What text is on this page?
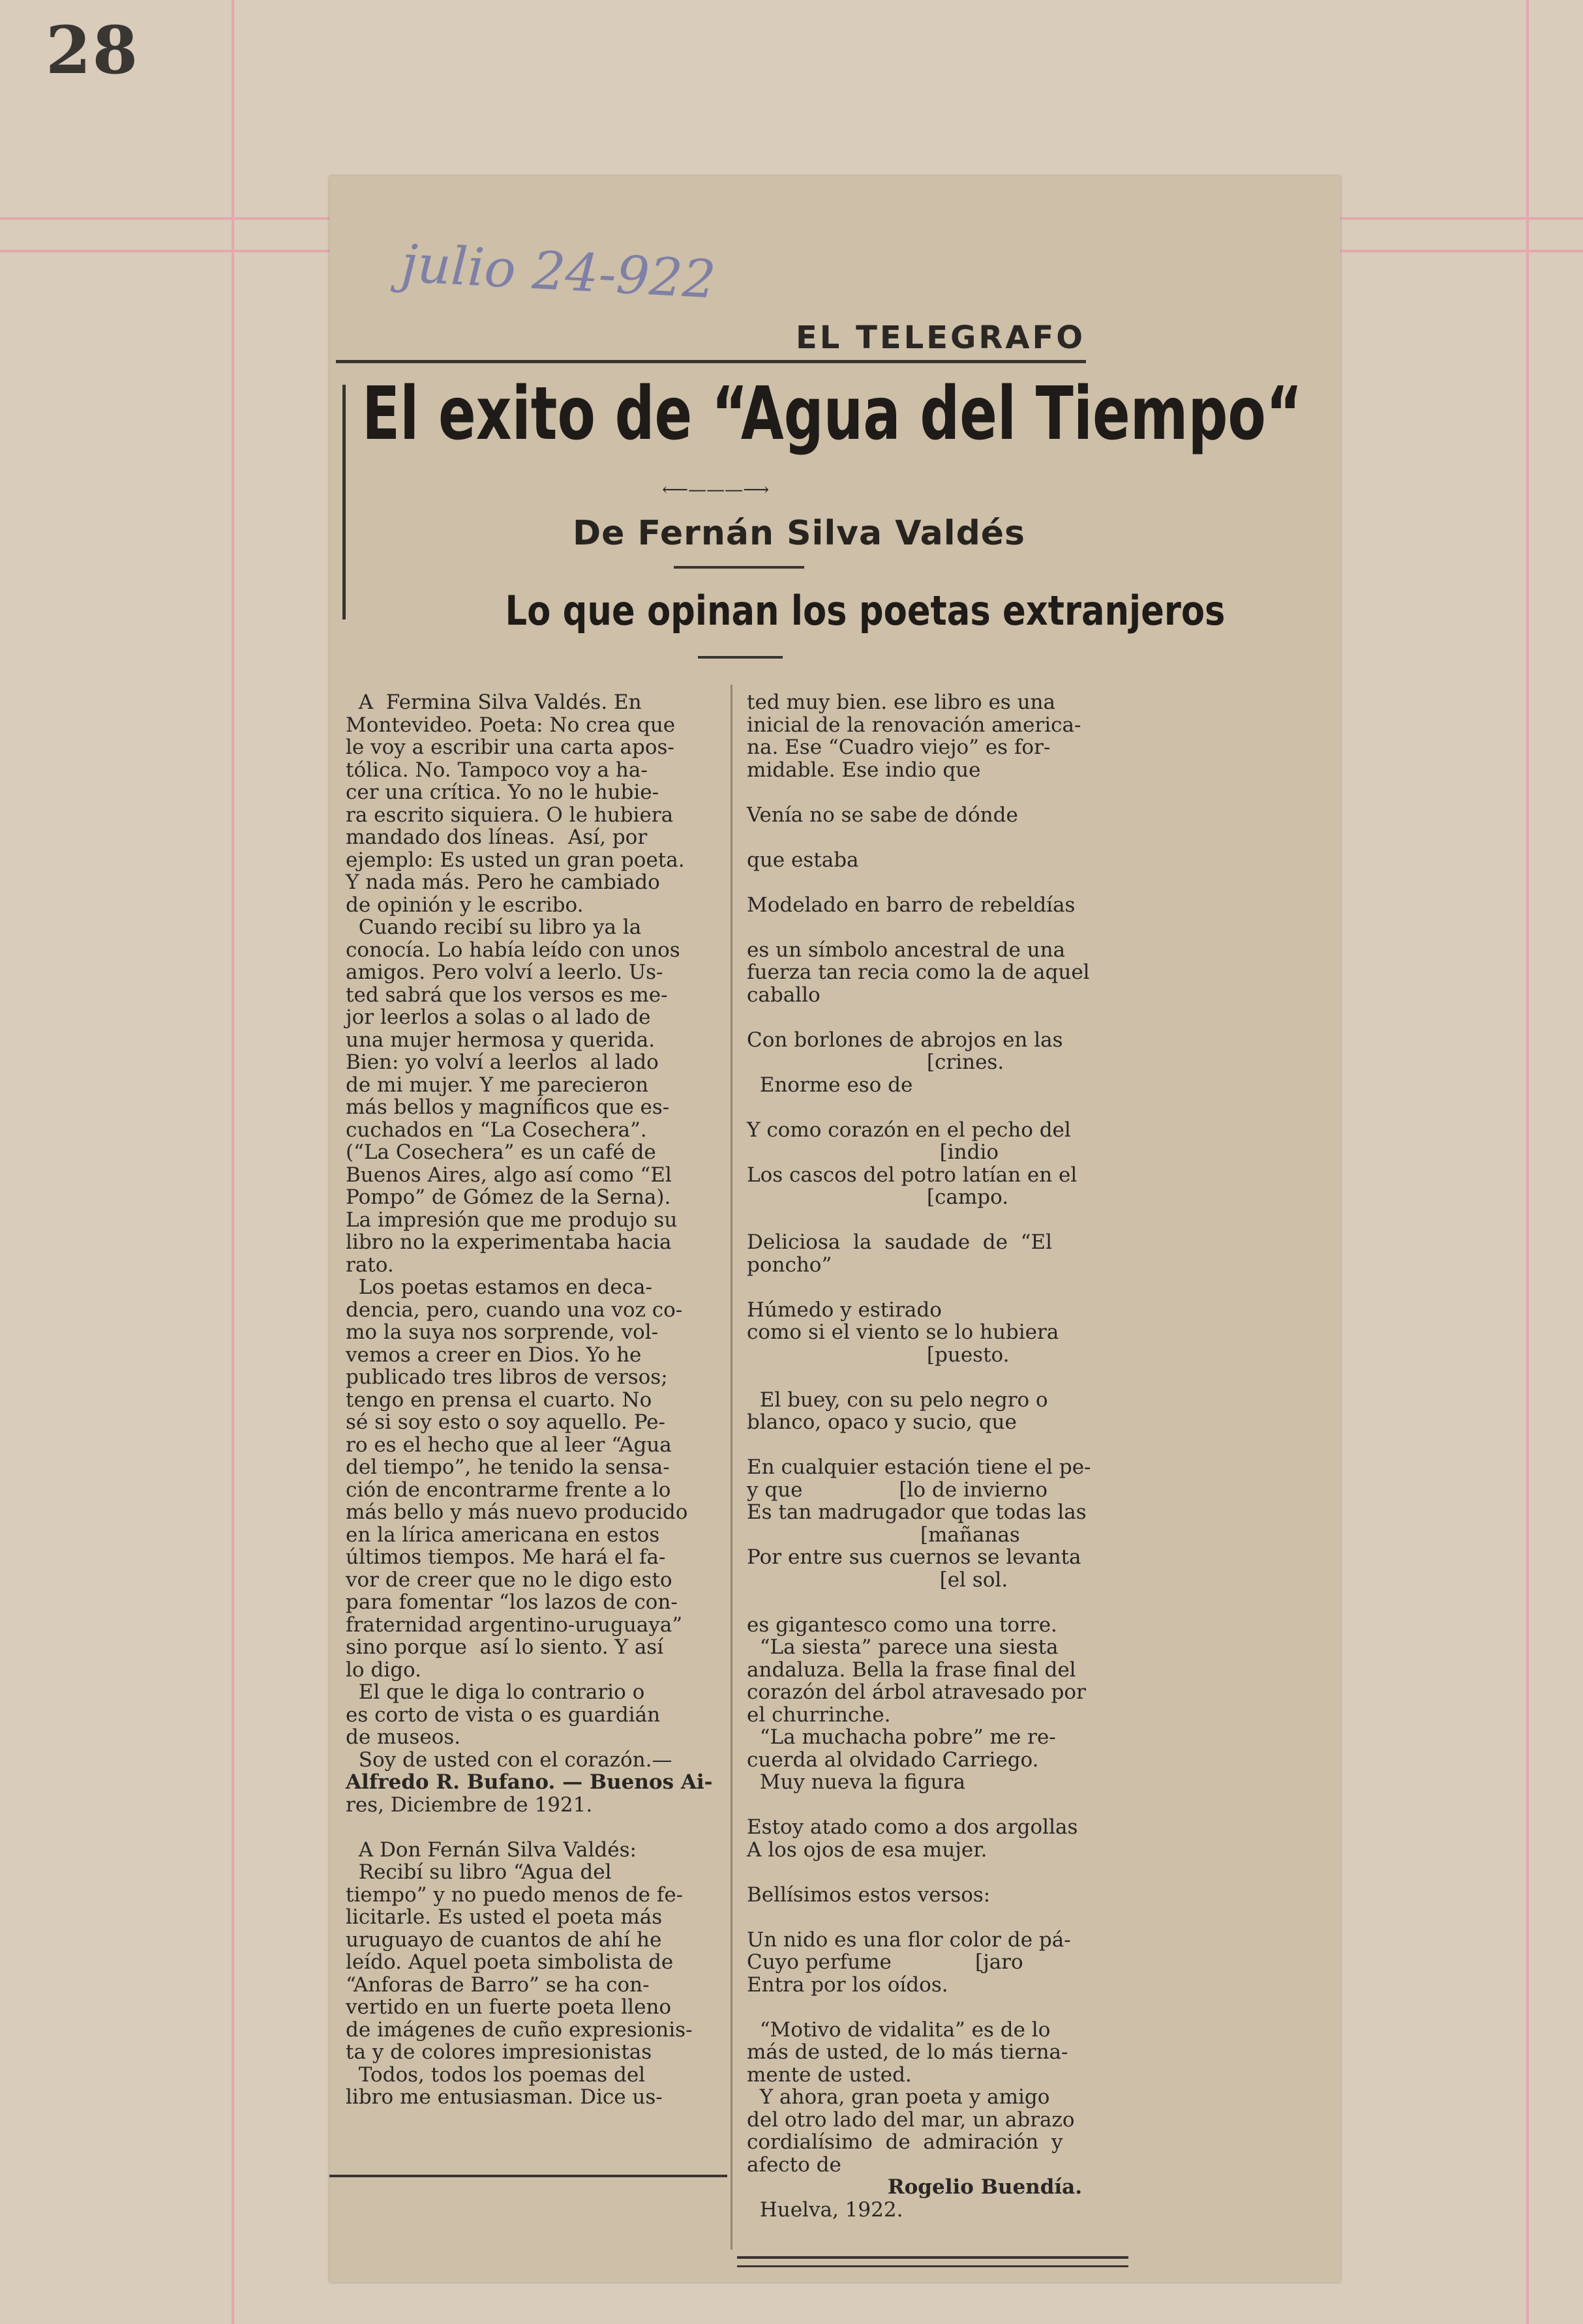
28
julio 24-922
EL TELEGRAFO
El exito de “Agua del Tiempo“
⟵———⟶
De Fernán Silva Valdés
Lo que opinan los poetas extranjeros

A  Fermina Silva Valdés. En

Montevideo. Poeta: No crea que

le voy a escribir una carta apos-

tólica. No. Tampoco voy a ha-

cer una crítica. Yo no le hubie-

ra escrito siquiera. O le hubiera

mandado dos líneas.  Así, por

ejemplo: Es usted un gran poeta.

Y nada más. Pero he cambiado

de opinión y le escribo.

Cuando recibí su libro ya la

conocía. Lo había leído con unos

amigos. Pero volví a leerlo. Us-

ted sabrá que los versos es me-

jor leerlos a solas o al lado de

una mujer hermosa y querida.

Bien: yo volví a leerlos  al lado

de mi mujer. Y me parecieron

más bellos y magníficos que es-

cuchados en “La Cosechera”.

(“La Cosechera” es un café de

Buenos Aires, algo así como “El

Pompo” de Gómez de la Serna).

La impresión que me produjo su

libro no la experimentaba hacia

rato.

Los poetas estamos en deca-

dencia, pero, cuando una voz co-

mo la suya nos sorprende, vol-

vemos a creer en Dios. Yo he

publicado tres libros de versos;

tengo en prensa el cuarto. No

sé si soy esto o soy aquello. Pe-

ro es el hecho que al leer “Agua

del tiempo”, he tenido la sensa-

ción de encontrarme frente a lo

más bello y más nuevo producido

en la lírica americana en estos

últimos tiempos. Me hará el fa-

vor de creer que no le digo esto

para fomentar “los lazos de con-

fraternidad argentino-uruguaya”

sino porque  así lo siento. Y así

lo digo.

El que le diga lo contrario o

es corto de vista o es guardián

de museos.

Soy de usted con el corazón.—

Alfredo R. Bufano. — Buenos Ai-

res, Diciembre de 1921.

A Don Fernán Silva Valdés:

Recibí su libro “Agua del

tiempo” y no puedo menos de fe-

licitarle. Es usted el poeta más

uruguayo de cuantos de ahí he

leído. Aquel poeta simbolista de

“Anforas de Barro” se ha con-

vertido en un fuerte poeta lleno

de imágenes de cuño expresionis-

ta y de colores impresionistas

Todos, todos los poemas del

libro me entusiasman. Dice us-

ted muy bien. ese libro es una

inicial de la renovación america-

na. Ese “Cuadro viejo” es for-

midable. Ese indio que

Venía no se sabe de dónde

que estaba

Modelado en barro de rebeldías

es un símbolo ancestral de una

fuerza tan recia como la de aquel

caballo

Con borlones de abrojos en las

[crines.

Enorme eso de

Y como corazón en el pecho del

[indio

Los cascos del potro latían en el

[campo.

Deliciosa  la  saudade  de  “El

poncho”

Húmedo y estirado

como si el viento se lo hubiera

[puesto.

El buey, con su pelo negro o

blanco, opaco y sucio, que

En cualquier estación tiene el pe-

y que               [lo de invierno

Es tan madrugador que todas las

[mañanas

Por entre sus cuernos se levanta

[el sol.

es gigantesco como una torre.

“La siesta” parece una siesta

andaluza. Bella la frase final del

corazón del árbol atravesado por

el churrinche.

“La muchacha pobre” me re-

cuerda al olvidado Carriego.

Muy nueva la figura

Estoy atado como a dos argollas

A los ojos de esa mujer.

Bellísimos estos versos:

Un nido es una flor color de pá-

Cuyo perfume             [jaro

Entra por los oídos.

“Motivo de vidalita” es de lo

más de usted, de lo más tierna-

mente de usted.

Y ahora, gran poeta y amigo

del otro lado del mar, un abrazo

cordialísimo  de  admiración  y

afecto de

Rogelio Buendía.

Huelva, 1922.
